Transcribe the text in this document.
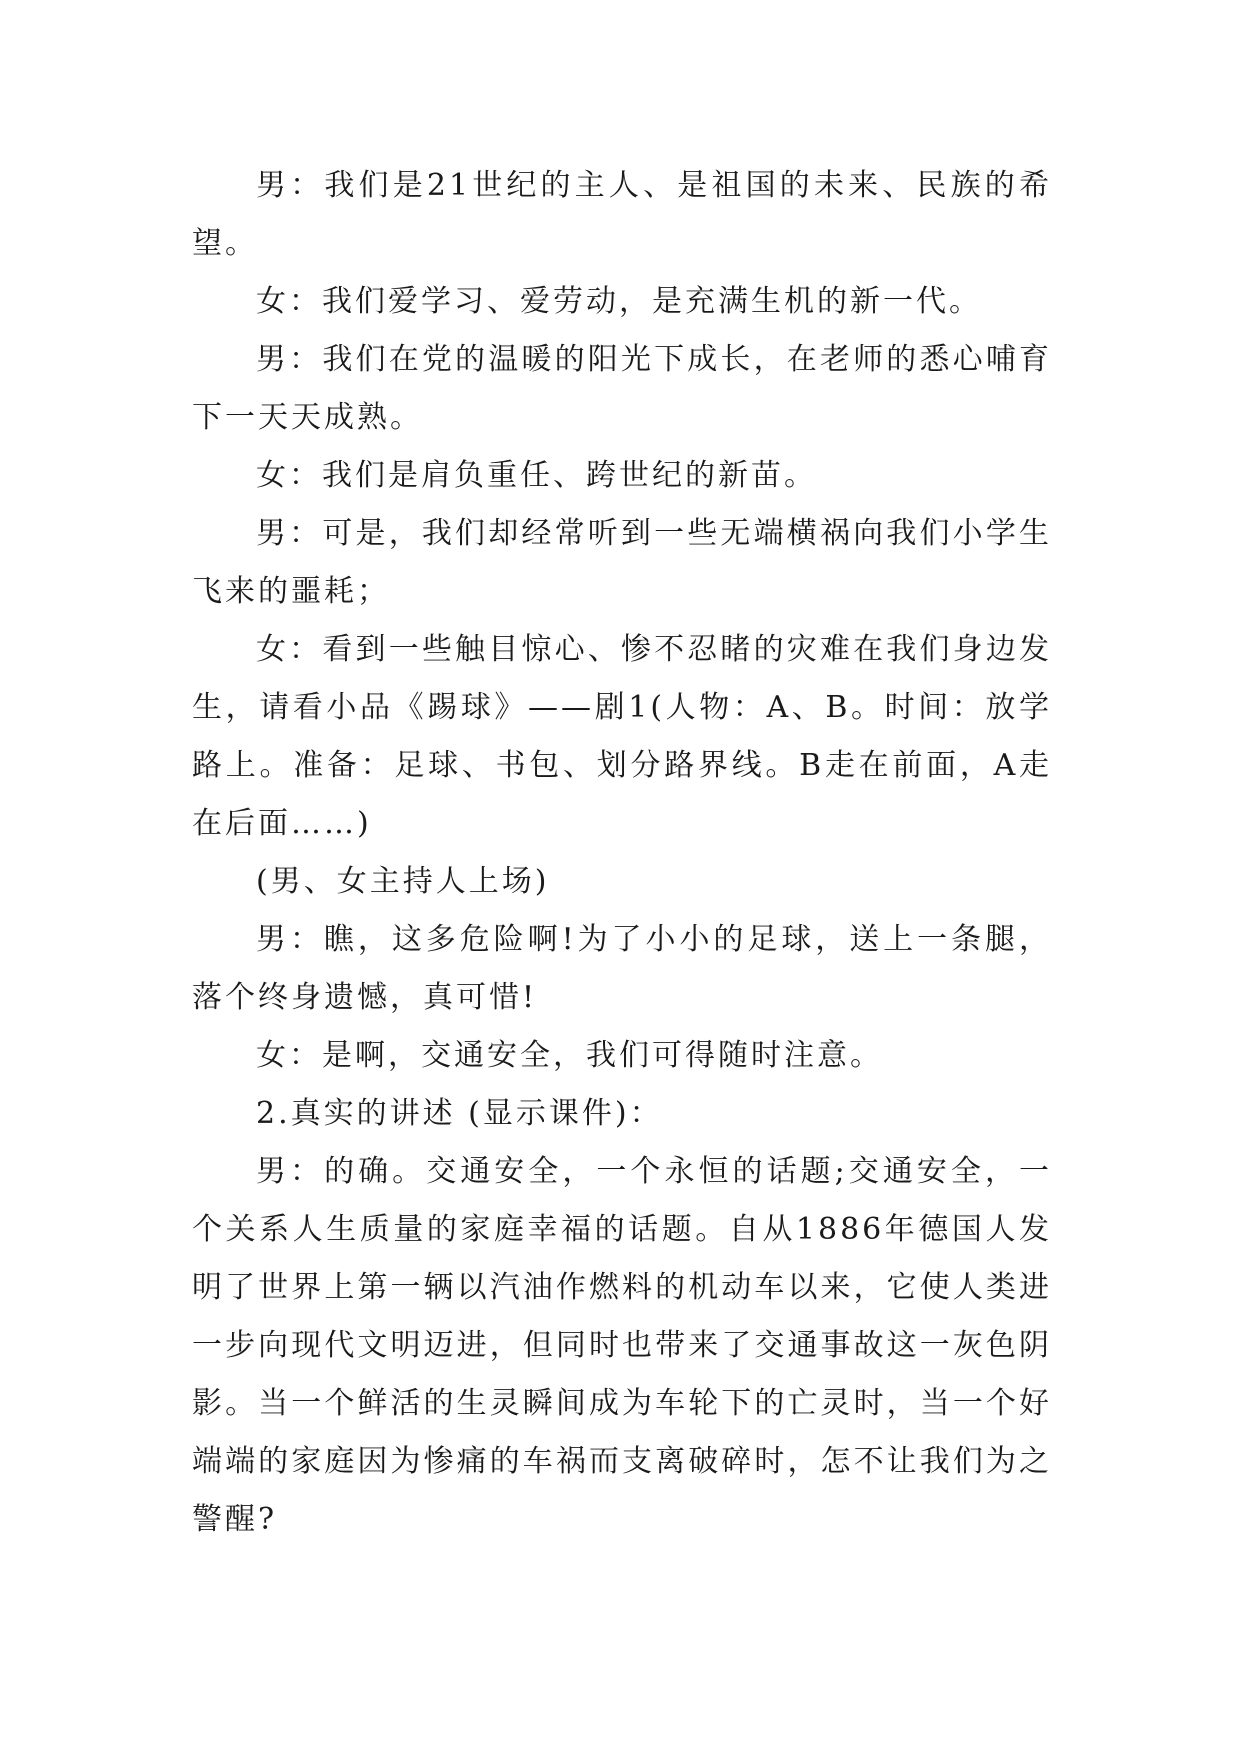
男：我们是21世纪的主人、是祖国的未来、民族的希望。

女：我们爱学习、爱劳动，是充满生机的新一代。

男：我们在党的温暖的阳光下成长，在老师的悉心哺育下一天天成熟。

女：我们是肩负重任、跨世纪的新苗。

男：可是，我们却经常听到一些无端横祸向我们小学生飞来的噩耗；

女：看到一些触目惊心、惨不忍睹的灾难在我们身边发生，请看小品《踢球》——剧1(人物：A、B。时间：放学路上。准备：足球、书包、划分路界线。B走在前面，A走在后面……)

(男、女主持人上场)

男：瞧，这多危险啊!为了小小的足球，送上一条腿，落个终身遗憾，真可惜!

女：是啊，交通安全，我们可得随时注意。

2.真实的讲述 (显示课件)：

男：的确。交通安全，一个永恒的话题;交通安全，一个关系人生质量的家庭幸福的话题。自从1886年德国人发明了世界上第一辆以汽油作燃料的机动车以来，它使人类进一步向现代文明迈进，但同时也带来了交通事故这一灰色阴影。当一个鲜活的生灵瞬间成为车轮下的亡灵时，当一个好端端的家庭因为惨痛的车祸而支离破碎时，怎不让我们为之警醒?
